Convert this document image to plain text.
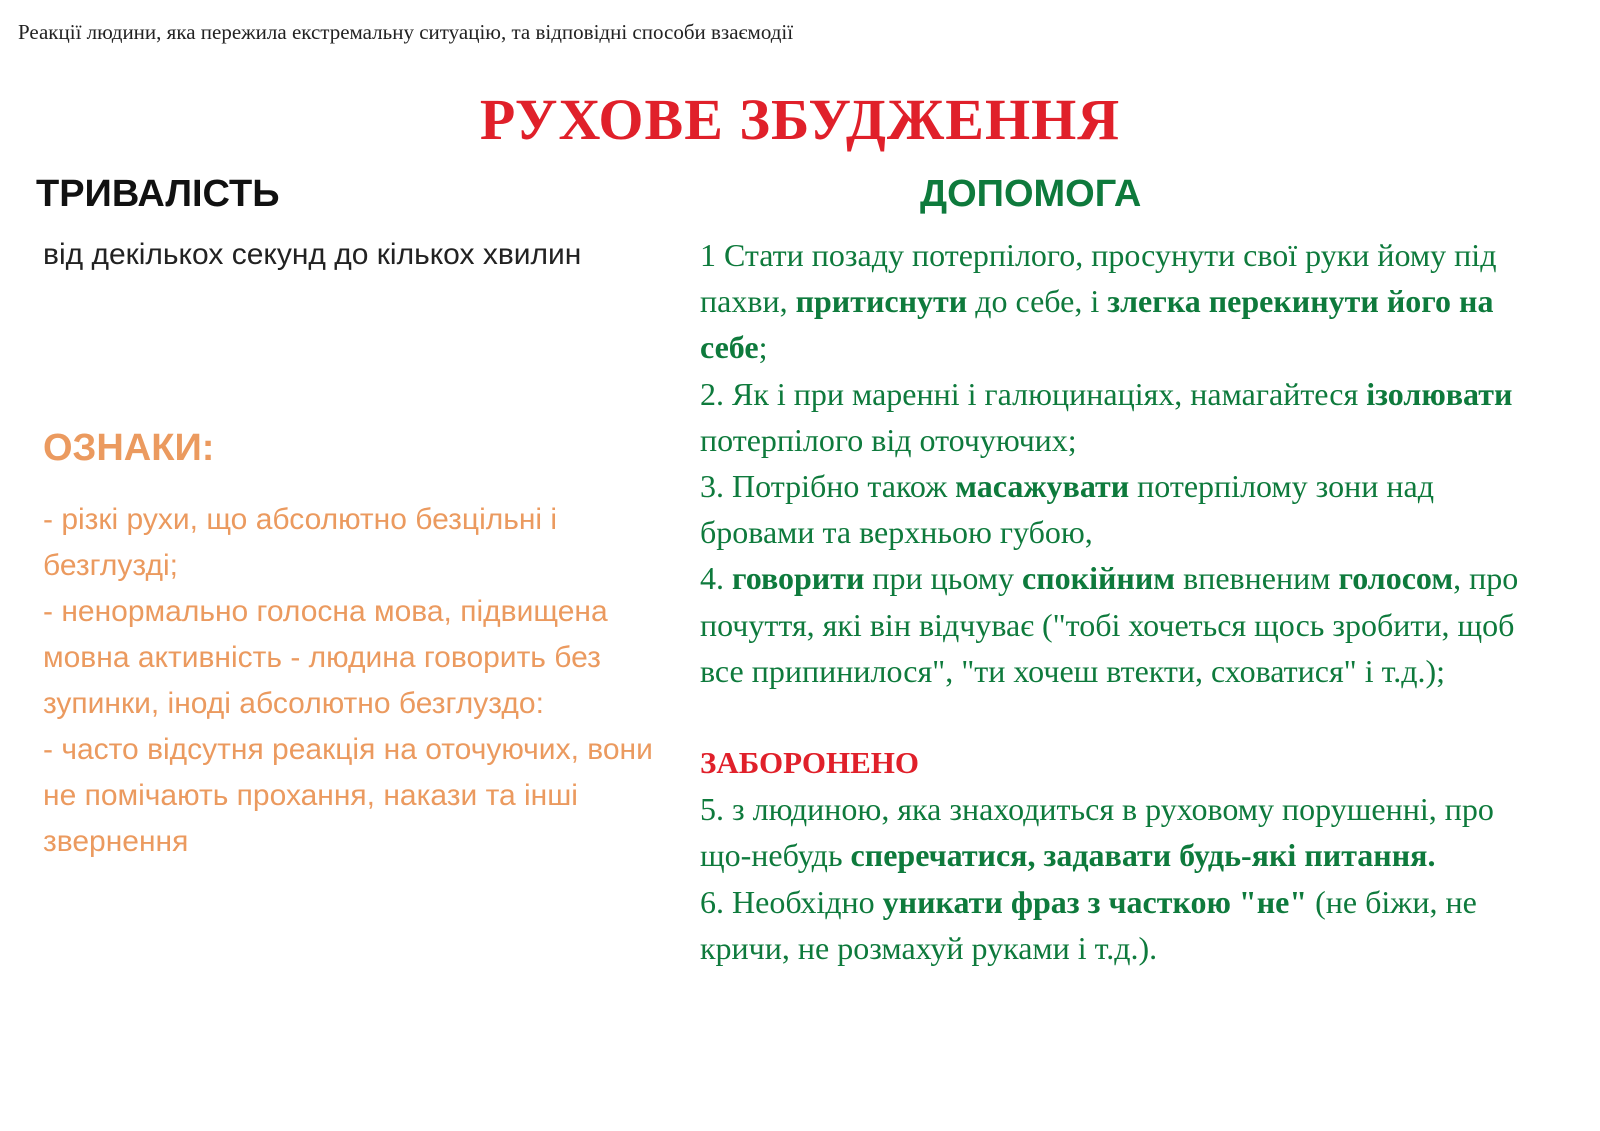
Реакції людини, яка пережила екстремальну ситуацію, та відповідні способи взаємодії
РУХОВЕ ЗБУДЖЕННЯ
ТРИВАЛІСТЬ
від декількох секунд до кількох хвилин
ОЗНАКИ:

- різкі рухи, що абсолютно безцільні і безглузді;

- ненормально голосна мова, підвищена мовна активність - людина говорить без зупинки, іноді абсолютно безглуздо:

- часто відсутня реакція на оточуючих, вони не помічають прохання, накази та інші звернення

ДОПОМОГА

1 Стати позаду потерпілого, просунути свої руки йому під пахви, притиснути до себе, і злегка перекинути його на себе;

2. Як і при мареннi і галюцинаціях, намагайтеся ізолювати потерпілого від оточуючих;

3. Потрібно також масажувати потерпілому зони над бровами та верхньою губою,

4. говорити при цьому спокійним впевненим голосом, про почуття, які він відчуває ("тобі хочеться щось зробити, щоб все припинилося", "ти хочеш втекти, сховатися" і т.д.);

ЗАБОРОНЕНО

5. з людиною, яка знаходиться в руховому порушенні, про що-небудь сперечатися, задавати будь-які питання.

6. Необхідно уникати фраз з часткою "не" (не біжи, не кричи, не розмахуй руками і т.д.).
